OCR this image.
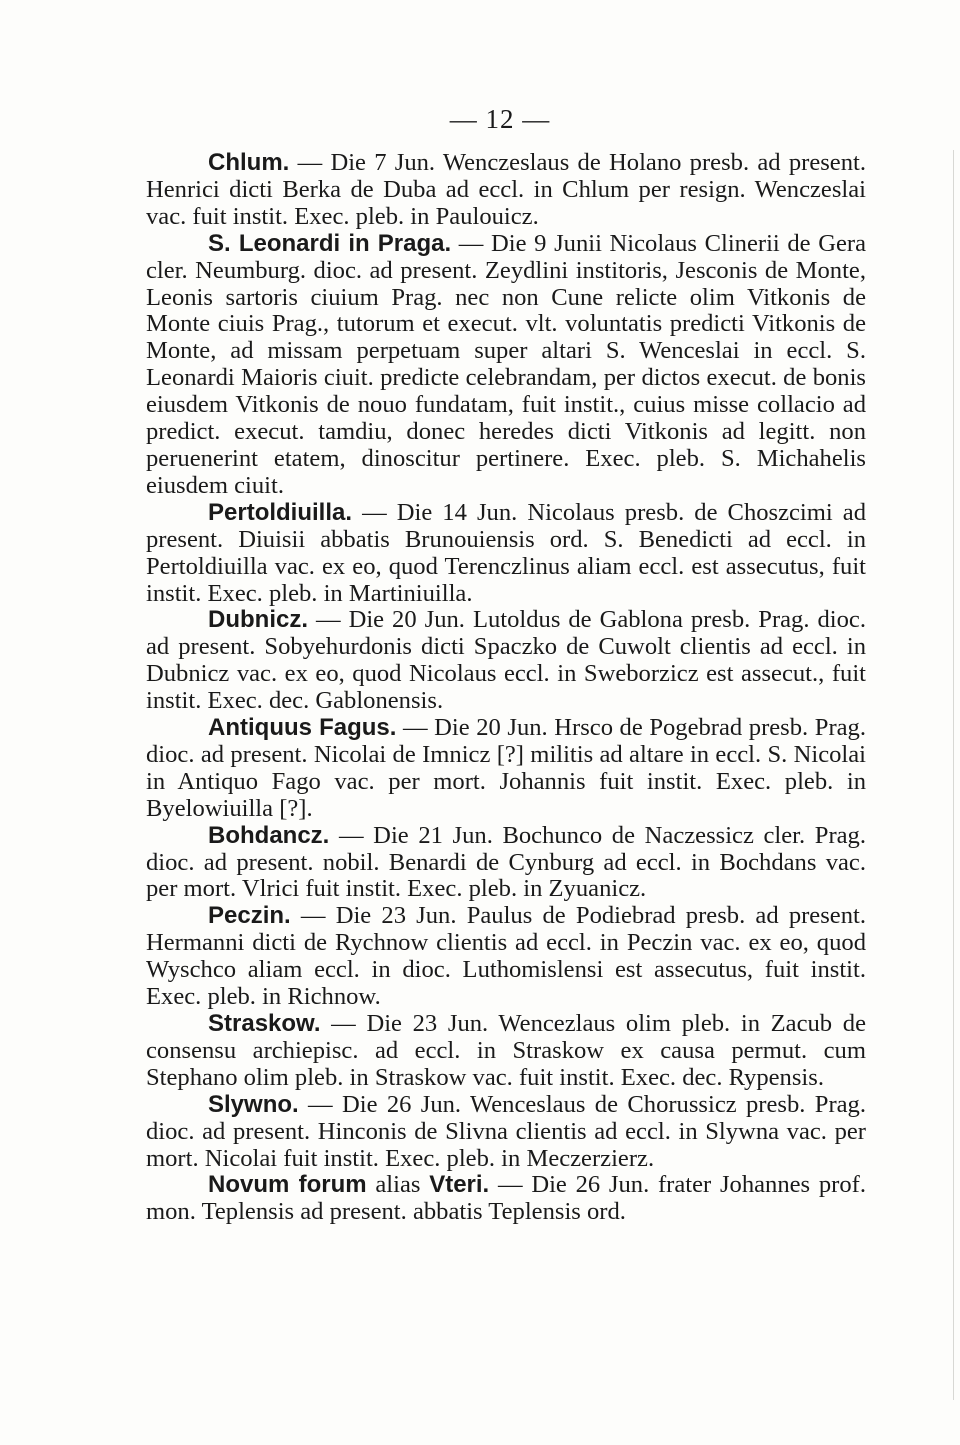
— 12 —

Chlum. — Die 7 Jun. Wenczeslaus de Holano presb. ad present. Henrici dicti Berka de Duba ad eccl. in Chlum per resign. Wenczeslai vac. fuit instit. Exec. pleb. in Paulouicz.

S. Leonardi in Praga. — Die 9 Junii Nicolaus Clinerii de Gera cler. Neumburg. dioc. ad present. Zeydlini institoris, Jesconis de Monte, Leonis sartoris ciuium Prag. nec non Cune relicte olim Vitkonis de Monte ciuis Prag., tutorum et execut. vlt. voluntatis predicti Vitkonis de Monte, ad missam perpetuam super altari S. Wenceslai in eccl. S. Leonardi Maioris ciuit. predicte celebrandam, per dictos execut. de bonis eiusdem Vitkonis de nouo fundatam, fuit instit., cuius misse collacio ad predict. execut. tamdiu, donec heredes dicti Vitkonis ad legitt. non peruenerint etatem, dinoscitur pertinere. Exec. pleb. S. Michahelis eiusdem ciuit.

Pertoldiuilla. — Die 14 Jun. Nicolaus presb. de Choszcimi ad present. Diuisii abbatis Brunouiensis ord. S. Benedicti ad eccl. in Pertoldiuilla vac. ex eo, quod Terenczlinus aliam eccl. est assecutus, fuit instit. Exec. pleb. in Martiniuilla.

Dubnicz. — Die 20 Jun. Lutoldus de Gablona presb. Prag. dioc. ad present. Sobyehurdonis dicti Spaczko de Cuwolt clientis ad eccl. in Dubnicz vac. ex eo, quod Nicolaus eccl. in Sweborzicz est assecut., fuit instit. Exec. dec. Gablonensis.

Antiquus Fagus. — Die 20 Jun. Hrsco de Pogebrad presb. Prag. dioc. ad present. Nicolai de Imnicz [?] militis ad altare in eccl. S. Nicolai in Antiquo Fago vac. per mort. Johannis fuit instit. Exec. pleb. in Byelowiuilla [?].

Bohdancz. — Die 21 Jun. Bochunco de Naczessicz cler. Prag. dioc. ad present. nobil. Benardi de Cynburg ad eccl. in Bochdans vac. per mort. Vlrici fuit instit. Exec. pleb. in Zyuanicz.

Peczin. — Die 23 Jun. Paulus de Podiebrad presb. ad present. Hermanni dicti de Rychnow clientis ad eccl. in Peczin vac. ex eo, quod Wyschco aliam eccl. in dioc. Luthomislensi est assecutus, fuit instit. Exec. pleb. in Richnow.

Straskow. — Die 23 Jun. Wencezlaus olim pleb. in Zacub de consensu archiepisc. ad eccl. in Straskow ex causa permut. cum Stephano olim pleb. in Straskow vac. fuit instit. Exec. dec. Rypensis.

Slywno. — Die 26 Jun. Wenceslaus de Chorussicz presb. Prag. dioc. ad present. Hinconis de Slivna clientis ad eccl. in Slywna vac. per mort. Nicolai fuit instit. Exec. pleb. in Meczerzierz.

Novum forum alias Vteri. — Die 26 Jun. frater Johannes prof. mon. Teplensis ad present. abbatis Teplensis ord.
